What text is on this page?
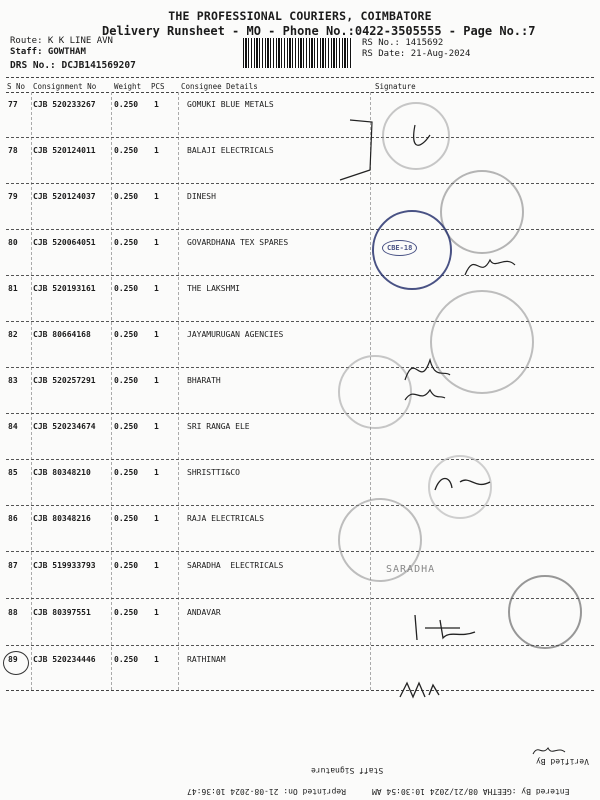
THE PROFESSIONAL COURIERS, COIMBATORE
Delivery Runsheet - MO - Phone No.:0422-3505555 - Page No.:7
Route: K K LINE AVN
Staff: GOWTHAM
DRS No.: DCJB141569207
RS No.: 1415692
RS Date: 21-Aug-2024
S No Consignment No Weight PCS Consignee Details	Signature
77 CJB 520233267 0.250 1	GOMUKI BLUE METALS
78 CJB 520124011 0.250 1	BALAJI ELECTRICALS
79 CJB 520124037 0.250 1	DINESH
80 CJB 520064051 0.250 1	GOVARDHANA TEX SPARES
81 CJB 520193161 0.250 1	THE LAKSHMI
82 CJB 80664168	0.250 1	JAYAMURUGAN AGENCIES
83 CJB 520257291 0.250 1	BHARATH
84 CJB 520234674 0.250 1	SRI RANGA ELE
85 CJB 80348210	0.250 1	SHRISTTI&CO
86 CJB 80348216	0.250 1	RAJA ELECTRICALS
87 CJB 519933793 0.250 1	SARADHA  ELECTRICALS
88 CJB 80397551	0.250 1	ANDAVAR
89 CJB 520234446 0.250 1	RATHINAM
CBE-18
SARADHA
Staff Signature
Verified By
Reprinted On: 21-08-2024 10:36:47	Entered By :GEETHA 08/21/2024 10:30:54 AM
